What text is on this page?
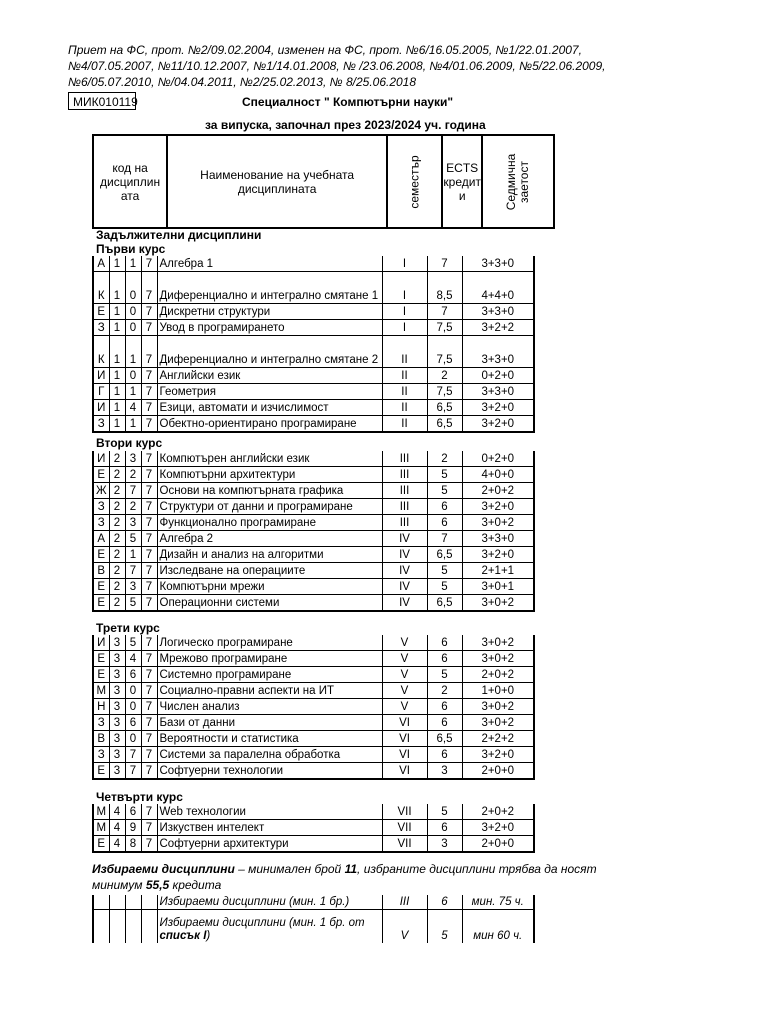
Приет на ФС, прот. №2/09.02.2004, изменен на ФС, прот. №6/16.05.2005, №1/22.01.2007, №4/07.05.2007, №11/10.12.2007, №1/14.01.2008, № /23.06.2008, №4/01.06.2009, №5/22.06.2009, №6/05.07.2010, №/04.04.2011, №2/25.02.2013, № 8/25.06.2018
МИК010119	Специалност " Компютърни науки"
за випуска, започнал през 2023/2024 уч. година
код на дисциплин ата	Наименование на учебната дисциплината	семестър	ECTS кредит и	Седмична заетост
Задължителни дисциплини
Първи курс
А	1	1	7	Алгебра 1	I	7	3+3+0
К	1	0	7	Диференциално и интегрално смятане 1	I	8,5	4+4+0
Е	1	0	7	Дискретни структури	I	7	3+3+0
З	1	0	7	Увод в програмирането	I	7,5	3+2+2
К	1	1	7	Диференциално и интегрално смятане 2	II	7,5	3+3+0
И	1	0	7	Английски език	II	2	0+2+0
Г	1	1	7	Геометрия	II	7,5	3+3+0
И	1	4	7	Езици, автомати и изчислимост	II	6,5	3+2+0
З	1	1	7	Обектно-ориентирано програмиране	II	6,5	3+2+0
Втори курс
И	2	3	7	Компютърен английски език	III	2	0+2+0
Е	2	2	7	Компютърни архитектури	III	5	4+0+0
Ж	2	7	7	Основи на компютърната графика	III	5	2+0+2
З	2	2	7	Структури от данни и програмиране	III	6	3+2+0
З	2	3	7	Функционално програмиране	III	6	3+0+2
А	2	5	7	Алгебра 2	IV	7	3+3+0
Е	2	1	7	Дизайн и анализ на алгоритми	IV	6,5	3+2+0
В	2	7	7	Изследване на операциите	IV	5	2+1+1
Е	2	3	7	Компютърни мрежи	IV	5	3+0+1
Е	2	5	7	Операционни системи	IV	6,5	3+0+2
Трети курс
И	3	5	7	Логическо програмиране	V	6	3+0+2
Е	3	4	7	Мрежово програмиране	V	6	3+0+2
Е	3	6	7	Системно програмиране	V	5	2+0+2
М	3	0	7	Социално-правни аспекти на ИТ	V	2	1+0+0
Н	3	0	7	Числен анализ	V	6	3+0+2
З	3	6	7	Бази от данни	VI	6	3+0+2
В	3	0	7	Вероятности и статистика	VI	6,5	2+2+2
З	3	7	7	Системи за паралелна обработка	VI	6	3+2+0
Е	3	7	7	Софтуерни технологии	VI	3	2+0+0
Четвърти курс
М	4	6	7	Web технологии	VII	5	2+0+2
М	4	9	7	Изкуствен интелект	VII	6	3+2+0
Е	4	8	7	Софтуерни архитектури	VII	3	2+0+0
Избираеми дисциплини – минимален брой 11, избраните дисциплини трябва да носят минимум 55,5 кредита
				Избираеми дисциплини (мин. 1 бр.)	III	6	мин. 75 ч.
				Избираеми дисциплини (мин. 1 бр. от списък I)	V	5	мин 60 ч.
